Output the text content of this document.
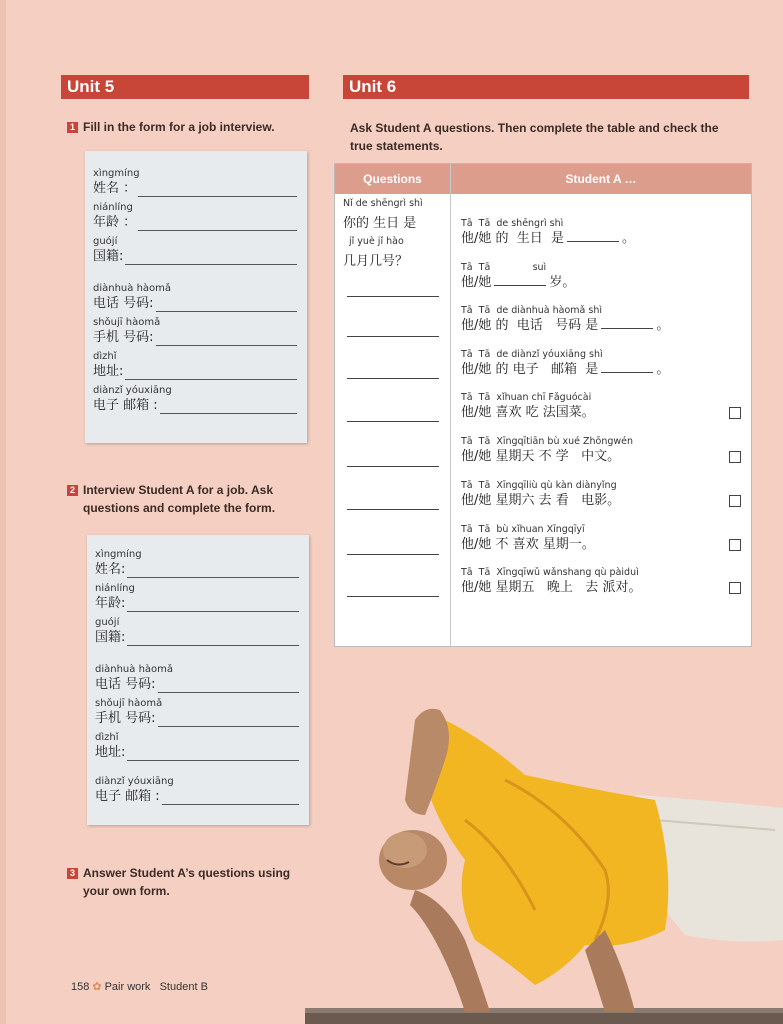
Unit 5
1 Fill in the form for a job interview.
xìngmíng
姓名 ：
niánlíng
年龄 ：
guójí
国籍:
diànhuà hàomǎ
电话 号码:
shǒujī hàomǎ
手机 号码:
dìzhǐ
地址:
diànzǐ yóuxiāng
电子 邮箱 :
2 Interview Student A for a job. Ask
questions and complete the form.
xìngmíng
姓名:
niánlíng
年龄:
guójí
国籍:
diànhuà hàomǎ
电话 号码:
shǒujī hàomǎ
手机 号码:
dìzhǐ
地址:
diànzǐ yóuxiāng
电子 邮箱 :
3 Answer Student A’s questions using
your own form.
Unit 6
Ask Student A questions. Then complete the table and check the
true statements.
Questions	Student A …
Nǐ de shēngrì shì
你的 生日 是
jǐ yuè jǐ hào
几月几号？
Tā  Tā  de shēngrì shì
他/她 的  生日  是	。
Tā  Tā              suì
他/她	岁。
Tā  Tā  de diànhuà hàomǎ shì
他/她 的  电话   号码 是	。
Tā  Tā  de diànzǐ yóuxiāng shì
他/她 的 电子   邮箱  是	。
Tā  Tā  xǐhuan chī Fǎguócài
他/她 喜欢 吃 法国菜。
Tā  Tā  Xīngqītiān bù xué Zhōngwén
他/她 星期天 不 学   中文。
Tā  Tā  Xīngqīliù qù kàn diànyǐng
他/她 星期六 去 看   电影。
Tā  Tā  bù xǐhuan Xīngqīyī
他/她 不 喜欢 星期一。
Tā  Tā  Xīngqīwǔ wǎnshang qù pàiduì
他/她 星期五   晚上   去 派对。
158 ✿ Pair work Student B
